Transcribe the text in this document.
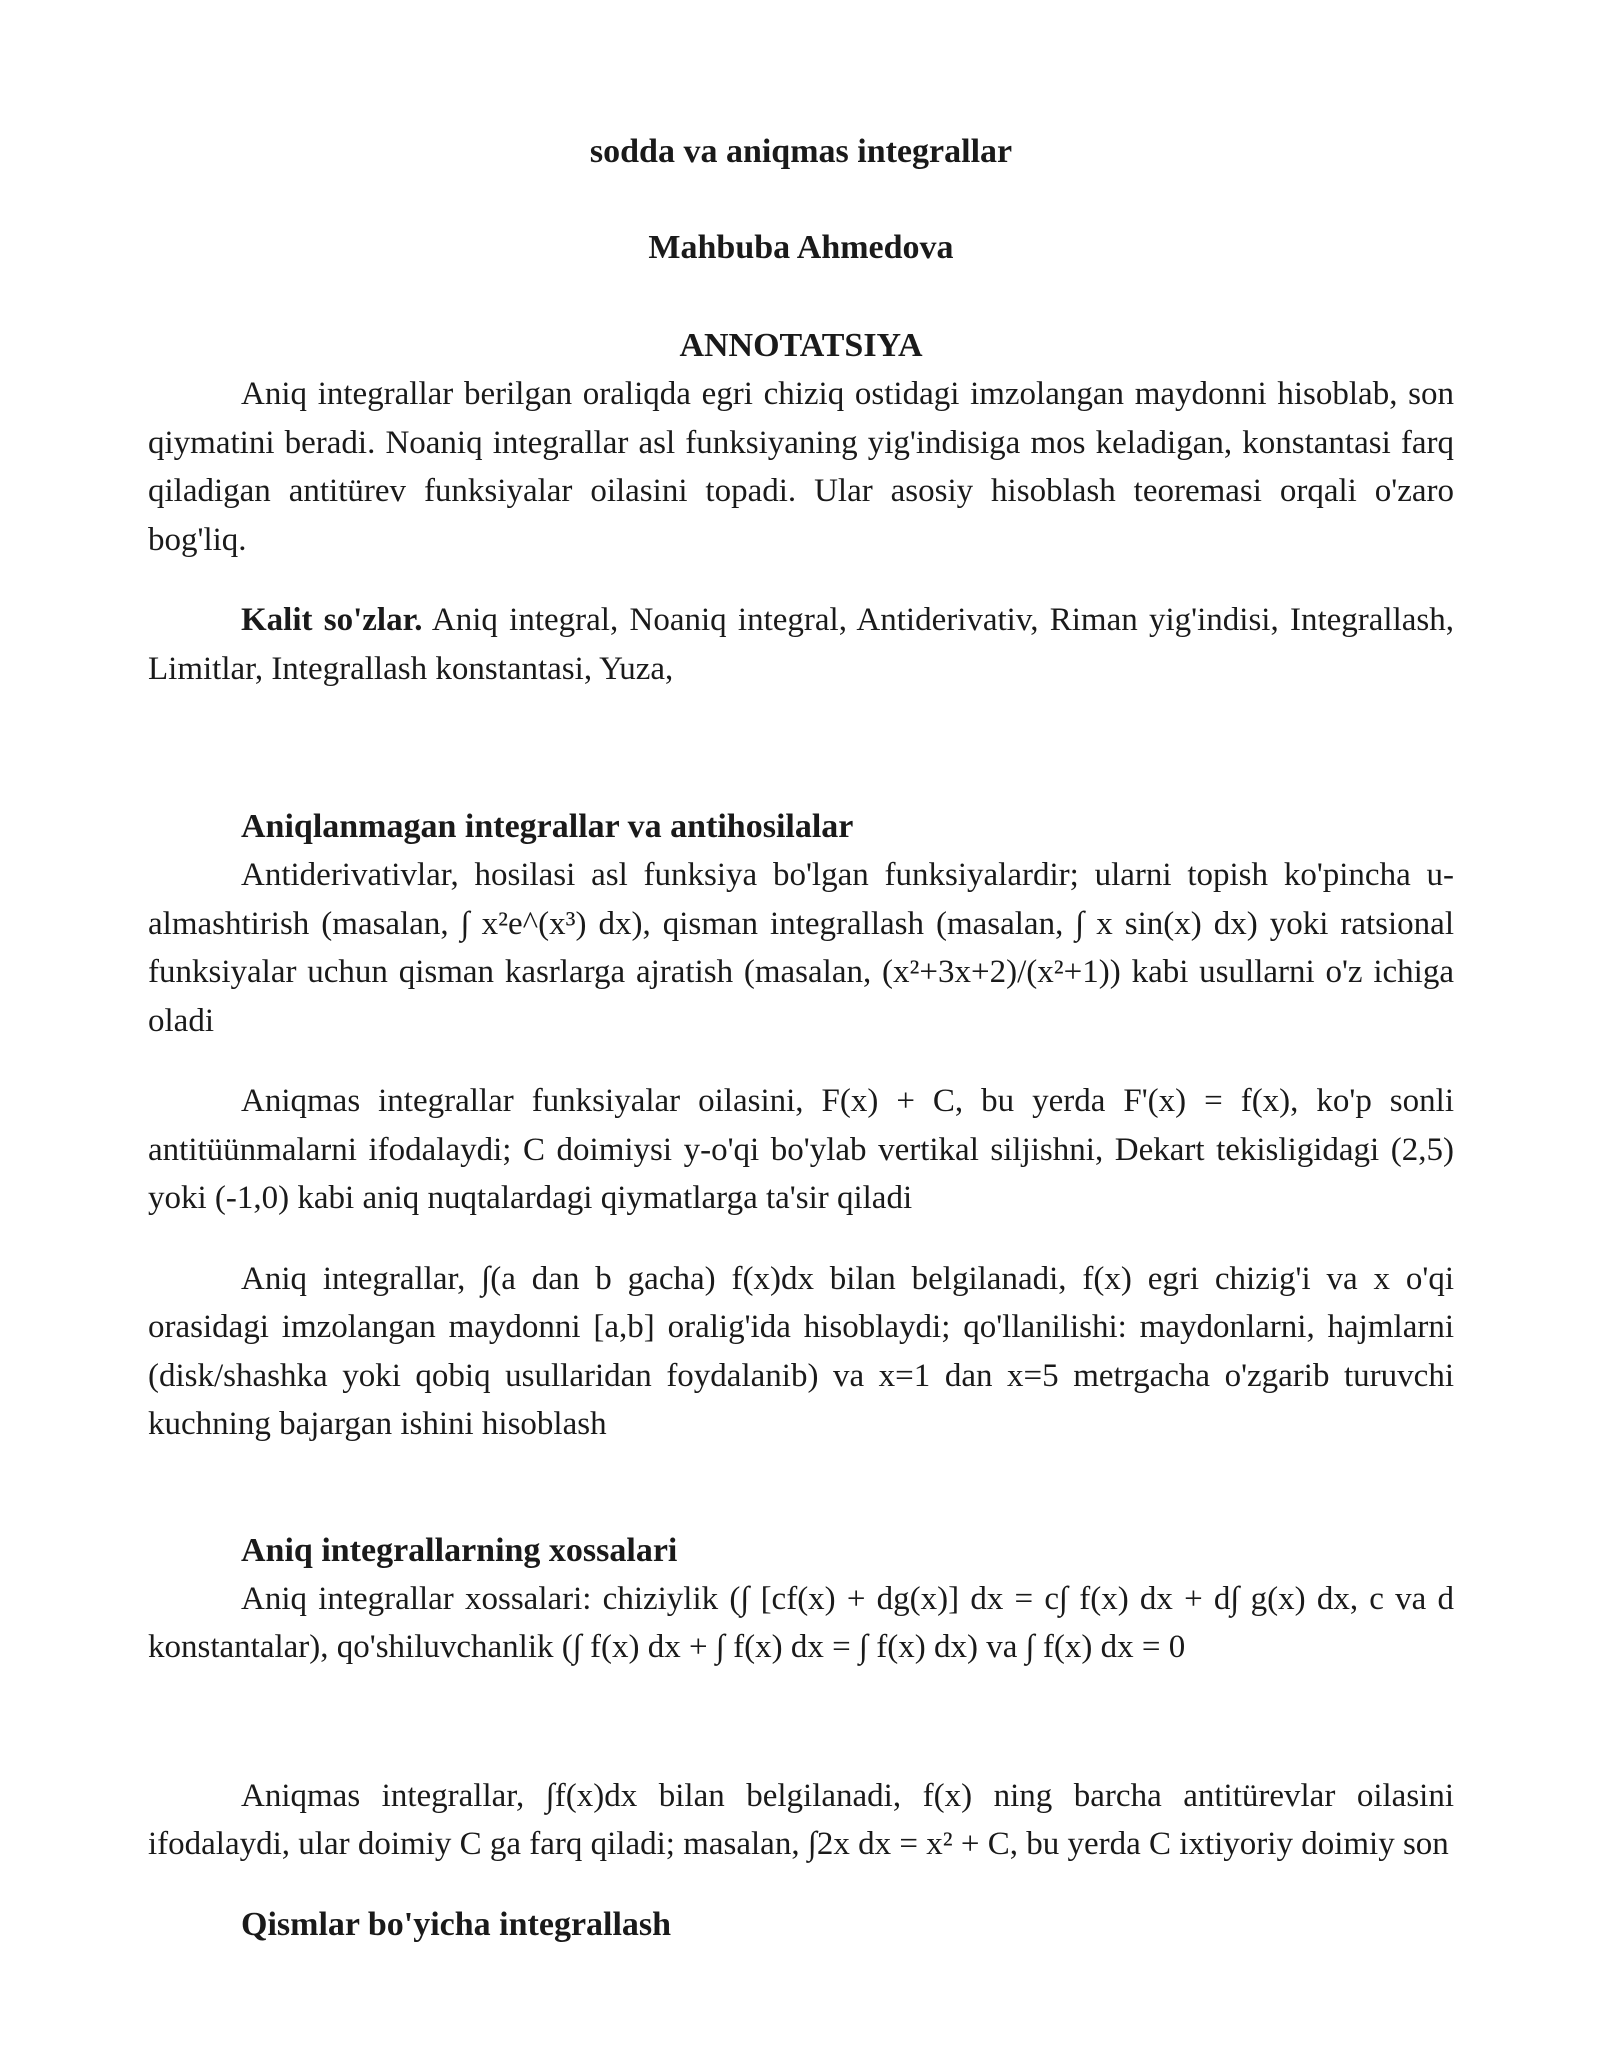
sodda va aniqmas integrallar
Mahbuba Ahmedova
ANNOTATSIYA

Aniq integrallar berilgan oraliqda egri chiziq ostidagi imzolangan maydonni hisoblab, son qiymatini beradi. Noaniq integrallar asl funksiyaning yig'indisiga mos keladigan, konstantasi farq qiladigan antitürev funksiyalar oilasini topadi. Ular asosiy hisoblash teoremasi orqali o'zaro bog'liq.

Kalit so'zlar. Aniq integral, Noaniq integral, Antiderivativ, Riman yig'indisi, Integrallash, Limitlar, Integrallash konstantasi, Yuza,

Aniqlanmagan integrallar va antihosilalar

Antiderivativlar, hosilasi asl funksiya bo'lgan funksiyalardir; ularni topish ko'pincha u-almashtirish (masalan, ∫ x²e^(x³) dx), qisman integrallash (masalan, ∫ x sin(x) dx) yoki ratsional funksiyalar uchun qisman kasrlarga ajratish (masalan, (x²+3x+2)/(x²+1)) kabi usullarni o'z ichiga oladi

Aniqmas integrallar funksiyalar oilasini, F(x) + C, bu yerda F'(x) = f(x), ko'p sonli antitüünmalarni ifodalaydi; C doimiysi y-o'qi bo'ylab vertikal siljishni, Dekart tekisligidagi (2,5) yoki (-1,0) kabi aniq nuqtalardagi qiymatlarga ta'sir qiladi

Aniq integrallar, ∫(a dan b gacha) f(x)dx bilan belgilanadi, f(x) egri chizig'i va x o'qi orasidagi imzolangan maydonni [a,b] oralig'ida hisoblaydi; qo'llanilishi: maydonlarni, hajmlarni (disk/shashka yoki qobiq usullaridan foydalanib) va x=1 dan x=5 metrgacha o'zgarib turuvchi kuchning bajargan ishini hisoblash

Aniq integrallarning xossalari

Aniq integrallar xossalari: chiziylik (∫ [cf(x) + dg(x)] dx = c∫ f(x) dx + d∫ g(x) dx, c va d konstantalar), qo'shiluvchanlik (∫ f(x) dx + ∫ f(x) dx = ∫ f(x) dx) va ∫ f(x) dx = 0

Aniqmas integrallar, ∫f(x)dx bilan belgilanadi, f(x) ning barcha antitürevlar oilasini ifodalaydi, ular doimiy C ga farq qiladi; masalan, ∫2x dx = x² + C, bu yerda C ixtiyoriy doimiy son

Qismlar bo'yicha integrallash
